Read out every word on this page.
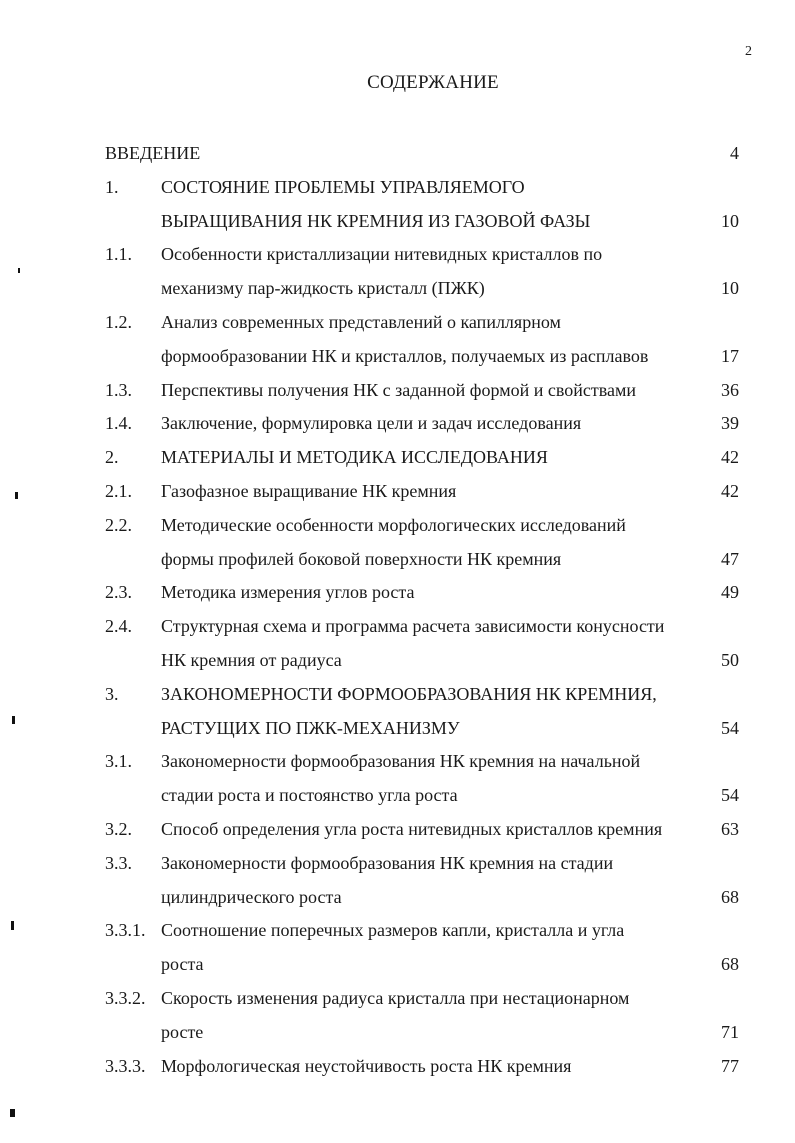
2
СОДЕРЖАНИЕ
ВВЕДЕНИЕ	4
1. СОСТОЯНИЕ ПРОБЛЕМЫ УПРАВЛЯЕМОГО
ВЫРАЩИВАНИЯ НК КРЕМНИЯ ИЗ ГАЗОВОЙ ФАЗЫ	10
1.1. Особенности кристаллизации нитевидных кристаллов по
механизму пар-жидкость кристалл (ПЖК)	10
1.2. Анализ современных представлений о капиллярном
формообразовании НК и кристаллов, получаемых из расплавов	17
1.3. Перспективы получения НК с заданной формой и свойствами	36
1.4. Заключение, формулировка цели и задач исследования	39
2. МАТЕРИАЛЫ И МЕТОДИКА ИССЛЕДОВАНИЯ	42
2.1. Газофазное выращивание НК кремния	42
2.2. Методические особенности морфологических исследований
формы профилей боковой поверхности НК кремния	47
2.3. Методика измерения углов роста	49
2.4. Структурная схема и программа расчета зависимости конусности
НК кремния от радиуса	50
3. ЗАКОНОМЕРНОСТИ ФОРМООБРАЗОВАНИЯ НК КРЕМНИЯ,
РАСТУЩИХ ПО ПЖК-МЕХАНИЗМУ	54
3.1. Закономерности формообразования НК кремния на начальной
стадии роста и постоянство угла роста	54
3.2. Способ определения угла роста нитевидных кристаллов кремния	63
3.3. Закономерности формообразования НК кремния на стадии
цилиндрического роста	68
3.3.1. Соотношение поперечных размеров капли, кристалла и угла
роста	68
3.3.2. Скорость изменения радиуса кристалла при нестационарном
росте	71
3.3.3. Морфологическая неустойчивость роста НК кремния	77
